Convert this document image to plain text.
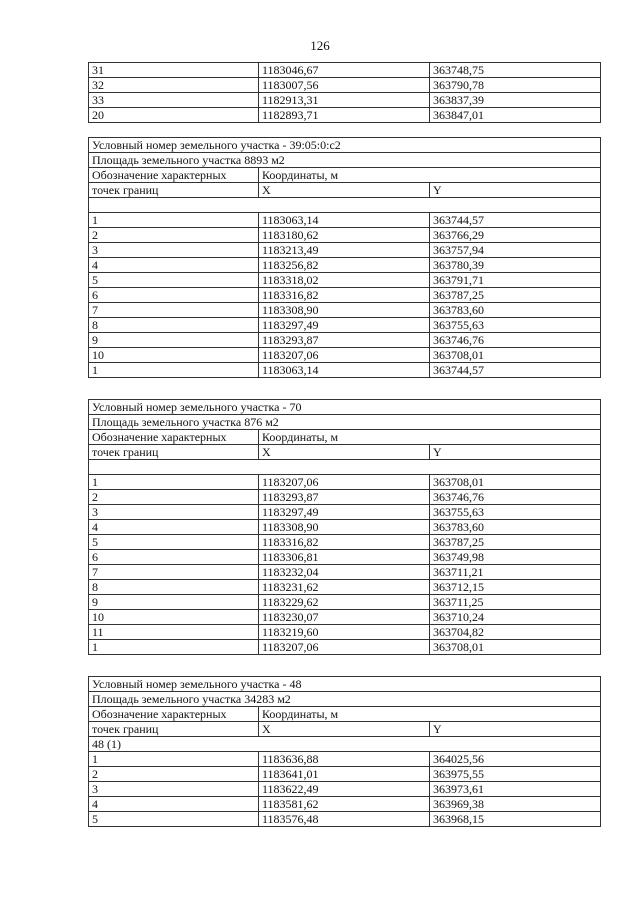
126
31	1183046,67	363748,75
32	1183007,56	363790,78
33	1182913,31	363837,39
20	1182893,71	363847,01
Условный номер земельного участка - 39:05:0:c2		
Площадь земельного участка 8893 м2		
Обозначение характерных	Координаты, м	
точек границ	X	Y

1	1183063,14	363744,57
2	1183180,62	363766,29
3	1183213,49	363757,94
4	1183256,82	363780,39
5	1183318,02	363791,71
6	1183316,82	363787,25
7	1183308,90	363783,60
8	1183297,49	363755,63
9	1183293,87	363746,76
10	1183207,06	363708,01
1	1183063,14	363744,57
Условный номер земельного участка - 70		
Площадь земельного участка 876 м2		
Обозначение характерных	Координаты, м	
точек границ	X	Y

1	1183207,06	363708,01
2	1183293,87	363746,76
3	1183297,49	363755,63
4	1183308,90	363783,60
5	1183316,82	363787,25
6	1183306,81	363749,98
7	1183232,04	363711,21
8	1183231,62	363712,15
9	1183229,62	363711,25
10	1183230,07	363710,24
11	1183219,60	363704,82
1	1183207,06	363708,01
Условный номер земельного участка - 48		
Площадь земельного участка 34283 м2		
Обозначение характерных	Координаты, м	
точек границ	X	Y
48 (1)		
1	1183636,88	364025,56
2	1183641,01	363975,55
3	1183622,49	363973,61
4	1183581,62	363969,38
5	1183576,48	363968,15
